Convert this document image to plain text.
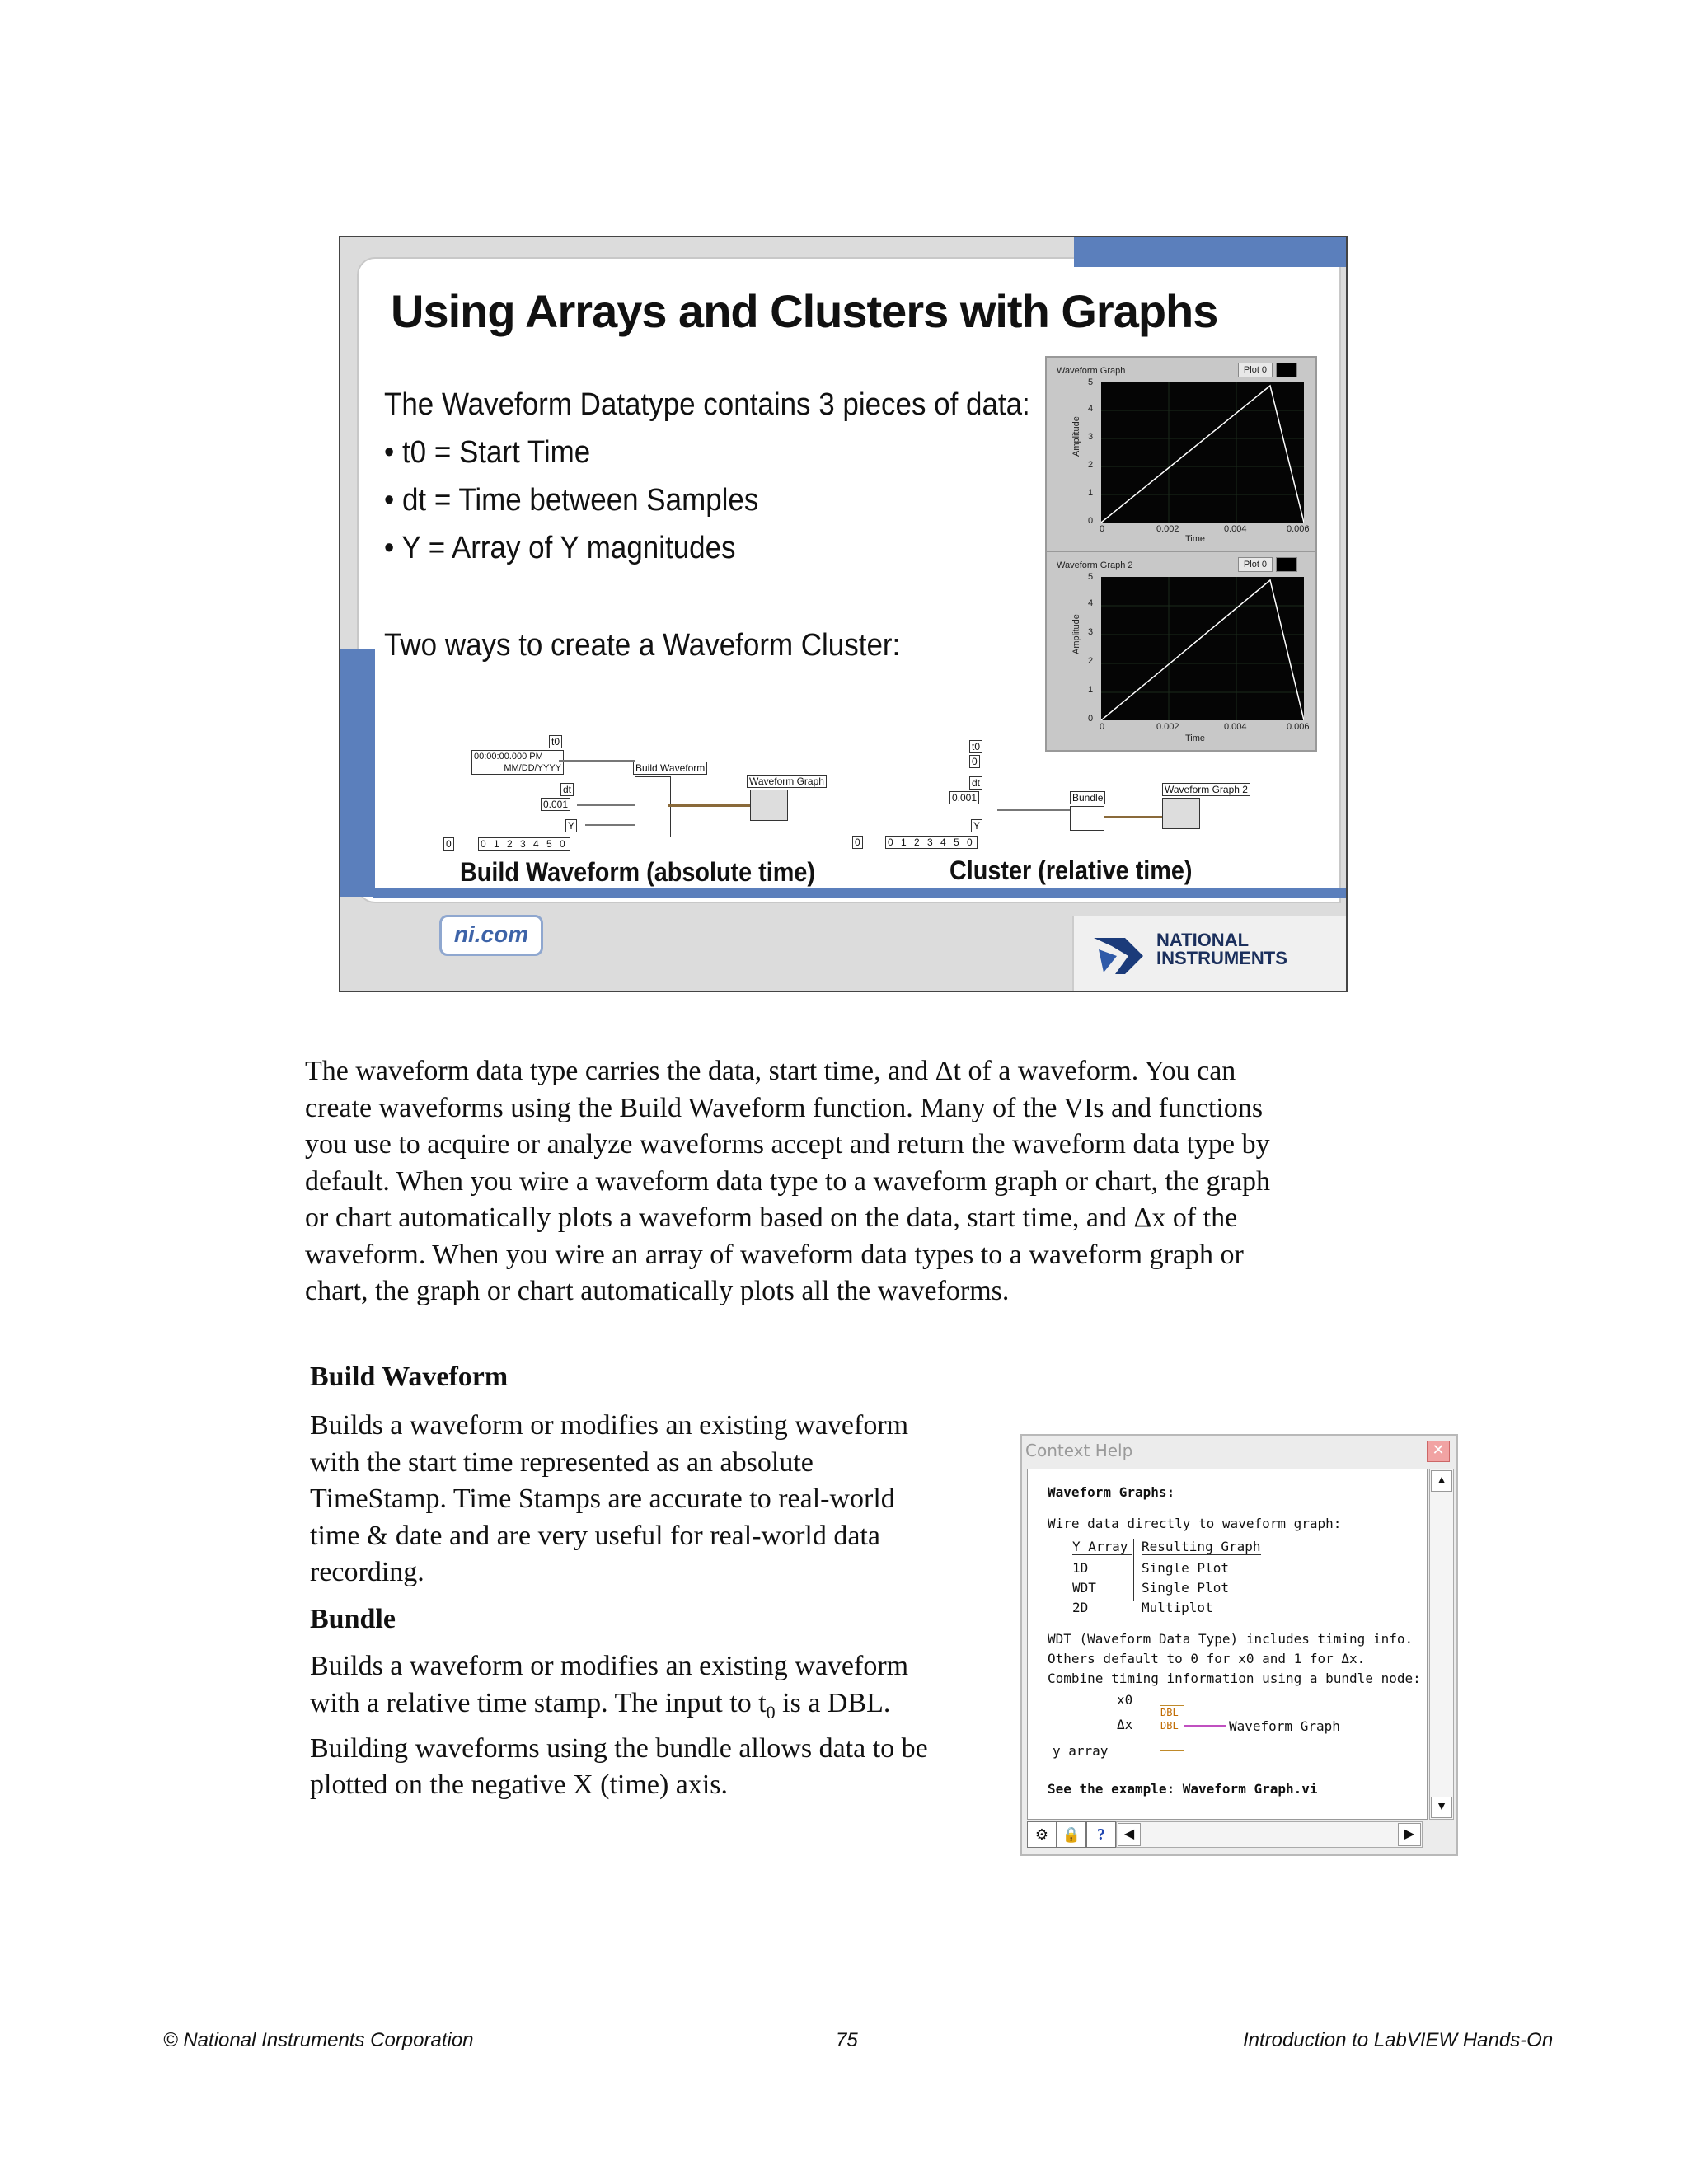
NATIONAL
INSTRUMENTS
Using Arrays and Clusters with Graphs
The Waveform Datatype contains 3 pieces of data:
• t0 = Start Time
• dt = Time between Samples
• Y = Array of Y magnitudes
Two ways to create a Waveform Cluster:
Waveform Graph	Plot 0
Amplitude
Time
0	0.002	0.004	0.006
0
1
2
3
4
5
Waveform Graph 2	Plot 0
Amplitude
Time
0	0.002	0.004	0.006
0
1
2
3
4
5
t0
00:00:00.000 PM
MM/DD/YYYY
dt
0.001
Y
0	0 1 2 3 4 5 0
Build Waveform
Waveform Graph
t0
0
dt
0.001
Y
0	0 1 2 3 4 5 0
Bundle
Waveform Graph 2
Build Waveform (absolute time)	Cluster (relative time)
ni.com
The waveform data type carries the data, start time, and Δt of a waveform. You can
create waveforms using the Build Waveform function. Many of the VIs and functions
you use to acquire or analyze waveforms accept and return the waveform data type by
default. When you wire a waveform data type to a waveform graph or chart, the graph
or chart automatically plots a waveform based on the data, start time, and Δx of the
waveform. When you wire an array of waveform data types to a waveform graph or
chart, the graph or chart automatically plots all the waveforms.
Build Waveform
Builds a waveform or modifies an existing waveform
with the start time represented as an absolute
TimeStamp. Time Stamps are accurate to real-world
time & date and are very useful for real-world data
recording.
Bundle
Builds a waveform or modifies an existing waveform
with a relative time stamp. The input to $t_0$ is a DBL.
Building waveforms using the bundle allows data to be
plotted on the negative X (time) axis.
Context Help	✕
Waveform Graphs:
Wire data directly to waveform graph:
Y Array	Resulting Graph
1D	Single Plot
WDT	Single Plot
2D	Multiplot
WDT (Waveform Data Type) includes timing info.
Others default to 0 for x0 and 1 for Δx.
Combine timing information using a bundle node:
x0
Δx
y array
DBL
DBL	Waveform Graph
See the example: Waveform Graph.vi
▲
▼
⚙ 🔒 ?	◀	▶
© National Instruments Corporation	75	Introduction to LabVIEW Hands-On
